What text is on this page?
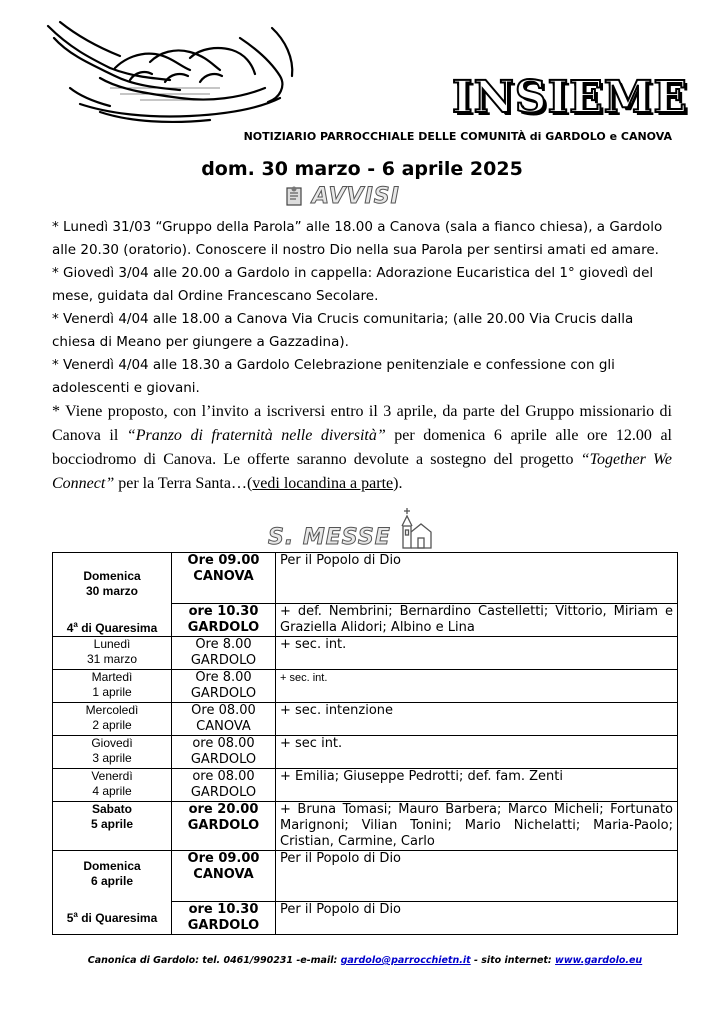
INSIEME
NOTIZIARIO PARROCCHIALE DELLE COMUNITÀ di GARDOLO e CANOVA
dom. 30 marzo - 6 aprile 2025
AVVISI

* Lunedì 31/03 “Gruppo della Parola” alle 18.00 a Canova (sala a fianco chiesa), a Gardolo alle 20.30 (oratorio). Conoscere il nostro Dio nella sua Parola per sentirsi amati ed amare.

* Giovedì 3/04 alle 20.00 a Gardolo in cappella: Adorazione Eucaristica del 1° giovedì del mese, guidata dal Ordine Francescano Secolare.

* Venerdì 4/04 alle 18.00 a Canova Via Crucis comunitaria; (alle 20.00 Via Crucis dalla chiesa di Meano per giungere a Gazzadina).

* Venerdì 4/04 alle 18.30 a Gardolo Celebrazione penitenziale e confessione con gli adolescenti e giovani.

* Viene proposto, con l’invito a iscriversi entro il 3 aprile, da parte del Gruppo missionario di Canova il “Pranzo di fraternità nelle diversità” per domenica 6 aprile alle ore 12.00 al bocciodromo di Canova. Le offerte saranno devolute a sostegno del progetto “Together We Connect” per la Terra Santa…(vedi locandina a parte).

S. MESSE
Domenica
30 marzo
4$^a$ di Quaresima	Ore 09.00
CANOVA	Per il Popolo di Dio

	ore 10.30
GARDOLO	+ def. Nembrini; Bernardino Castelletti; Vittorio, Miriam e Graziella Alidori; Albino e Lina

Lunedì
31 marzo	Ore 8.00
GARDOLO	+ sec. int.

Martedì
1 aprile	Ore 8.00
GARDOLO	+ sec. int.

Mercoledì
2 aprile	Ore 08.00
CANOVA	+ sec. intenzione

Giovedì
3 aprile	ore 08.00
GARDOLO	+ sec int.

Venerdì
4 aprile	ore 08.00
GARDOLO	+ Emilia; Giuseppe Pedrotti; def. fam. Zenti

Sabato
5 aprile	ore 20.00
GARDOLO	+ Bruna Tomasi; Mauro Barbera; Marco Micheli; Fortunato Marignoni; Vilian Tonini; Mario Nichelatti; Maria-Paolo; Cristian, Carmine, Carlo

Domenica
6 aprile
5$^a$ di Quaresima	Ore 09.00
CANOVA	Per il Popolo di Dio

	ore 10.30
GARDOLO	Per il Popolo di Dio
Canonica di Gardolo: tel. 0461/990231 -e-mail: gardolo@parrocchietn.it - sito internet: www.gardolo.eu
